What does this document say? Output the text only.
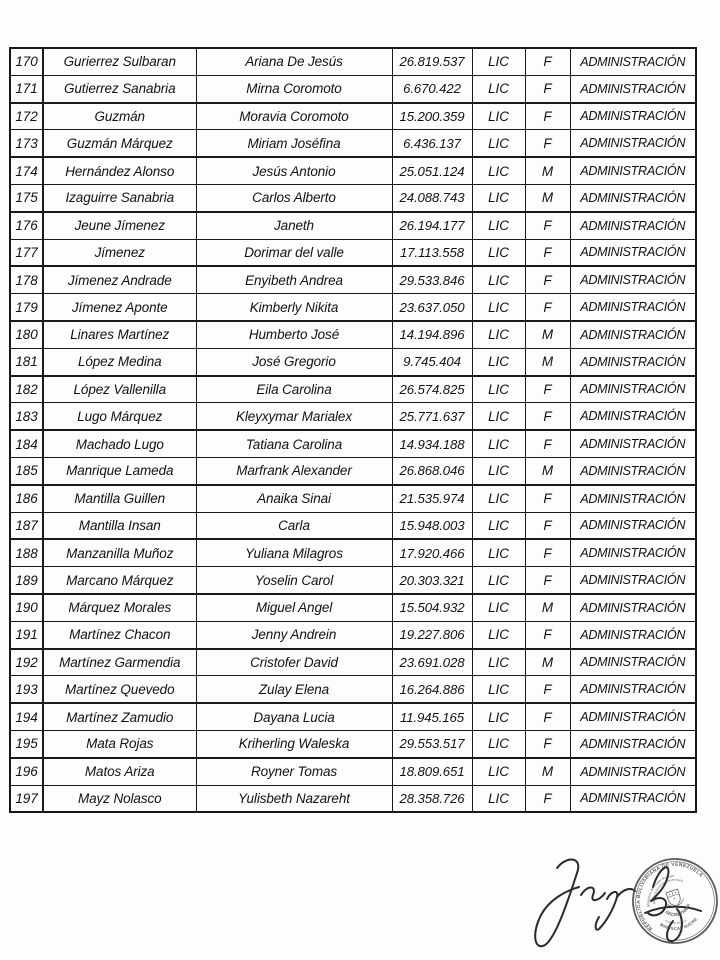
170	Gurierrez Sulbaran	Ariana De Jesús	26.819.537	LIC	F	ADMINISTRACIÓN
171	Gutierrez Sanabria	Mirna Coromoto	6.670.422	LIC	F	ADMINISTRACIÓN
172	Guzmán	Moravia Coromoto	15.200.359	LIC	F	ADMINISTRACIÓN
173	Guzmán Márquez	Miriam Joséfina	6.436.137	LIC	F	ADMINISTRACIÓN
174	Hernández Alonso	Jesús Antonio	25.051.124	LIC	M	ADMINISTRACIÓN
175	Izaguirre Sanabria	Carlos Alberto	24.088.743	LIC	M	ADMINISTRACIÓN
176	Jeune Jímenez	Janeth	26.194.177	LIC	F	ADMINISTRACIÓN
177	Jímenez	Dorimar del valle	17.113.558	LIC	F	ADMINISTRACIÓN
178	Jímenez Andrade	Enyibeth Andrea	29.533.846	LIC	F	ADMINISTRACIÓN
179	Jímenez Aponte	Kimberly Nikita	23.637.050	LIC	F	ADMINISTRACIÓN
180	Linares Martínez	Humberto José	14.194.896	LIC	M	ADMINISTRACIÓN
181	López Medina	José Gregorio	9.745.404	LIC	M	ADMINISTRACIÓN
182	López Vallenilla	Eila Carolina	26.574.825	LIC	F	ADMINISTRACIÓN
183	Lugo Márquez	Kleyxymar Marialex	25.771.637	LIC	F	ADMINISTRACIÓN
184	Machado Lugo	Tatiana Carolina	14.934.188	LIC	F	ADMINISTRACIÓN
185	Manrique Lameda	Marfrank Alexander	26.868.046	LIC	M	ADMINISTRACIÓN
186	Mantilla Guillen	Anaika Sinai	21.535.974	LIC	F	ADMINISTRACIÓN
187	Mantilla Insan	Carla	15.948.003	LIC	F	ADMINISTRACIÓN
188	Manzanilla Muñoz	Yuliana Milagros	17.920.466	LIC	F	ADMINISTRACIÓN
189	Marcano Márquez	Yoselin Carol	20.303.321	LIC	F	ADMINISTRACIÓN
190	Márquez Morales	Miguel Angel	15.504.932	LIC	M	ADMINISTRACIÓN
191	Martínez Chacon	Jenny Andrein	19.227.806	LIC	F	ADMINISTRACIÓN
192	Martínez Garmendia	Cristofer David	23.691.028	LIC	M	ADMINISTRACIÓN
193	Martínez Quevedo	Zulay Elena	16.264.886	LIC	F	ADMINISTRACIÓN
194	Martínez Zamudio	Dayana Lucia	11.945.165	LIC	F	ADMINISTRACIÓN
195	Mata Rojas	Kriherling Waleska	29.553.517	LIC	F	ADMINISTRACIÓN
196	Matos Ariza	Royner Tomas	18.809.651	LIC	M	ADMINISTRACIÓN
197	Mayz Nolasco	Yulisbeth Nazareht	28.358.726	LIC	F	ADMINISTRACIÓN
REPÚBLICA BOLIVARIANA DE VENEZUELA
Ministerio del Poder Popular
para la Educación Universitaria
SECRETARÍA
Asistencia Temporal
MARISCAL SUCRE
